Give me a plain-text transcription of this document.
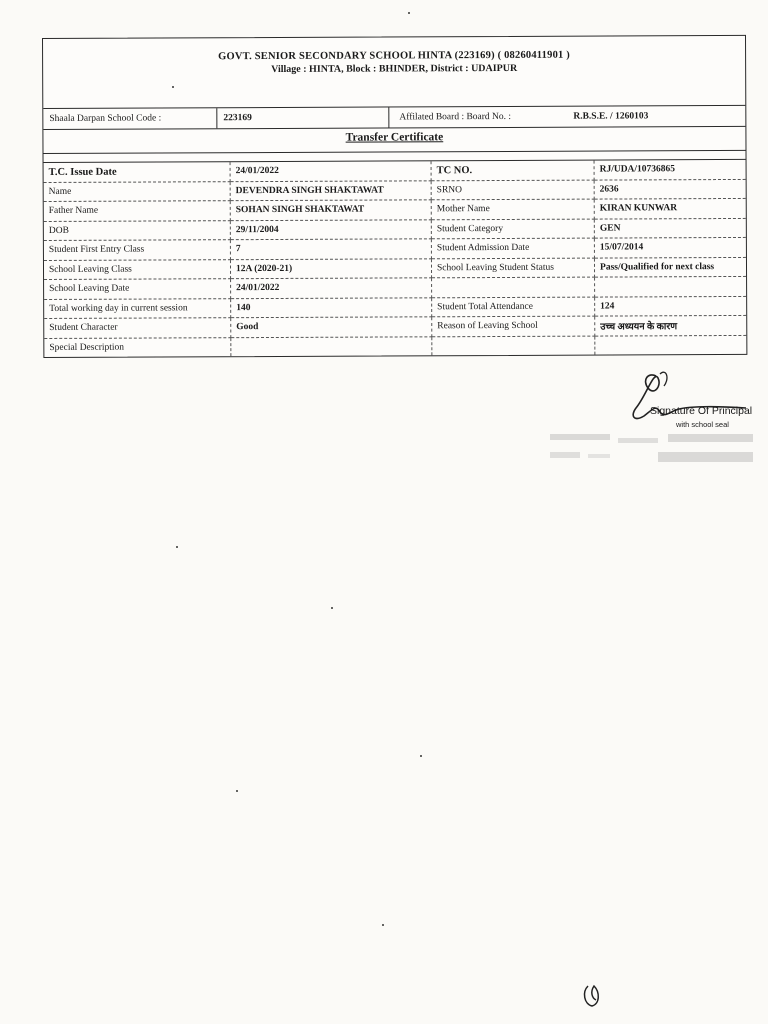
GOVT. SENIOR SECONDARY SCHOOL HINTA (223169) ( 08260411901 )
Village : HINTA, Block : BHINDER, District : UDAIPUR
Shaala Darpan School Code :	223169	Affilated Board : Board No. :	R.B.S.E. / 1260103
Transfer Certificate
T.C. Issue Date	24/01/2022	TC NO.	RJ/UDA/10736865
Name	DEVENDRA SINGH SHAKTAWAT	SRNO	2636
Father Name	SOHAN SINGH SHAKTAWAT	Mother Name	KIRAN KUNWAR
DOB	29/11/2004	Student Category	GEN
Student First Entry Class	7	Student Admission Date	15/07/2014
School Leaving Class	12A (2020-21)	School Leaving Student Status	Pass/Qualified for next class
School Leaving Date	24/01/2022		
Total working day in current session	140	Student Total Attendance	124
Student Character	Good	Reason of Leaving School	उच्च अध्ययन के कारण
Special Description			
Signature Of Principal
with school seal
